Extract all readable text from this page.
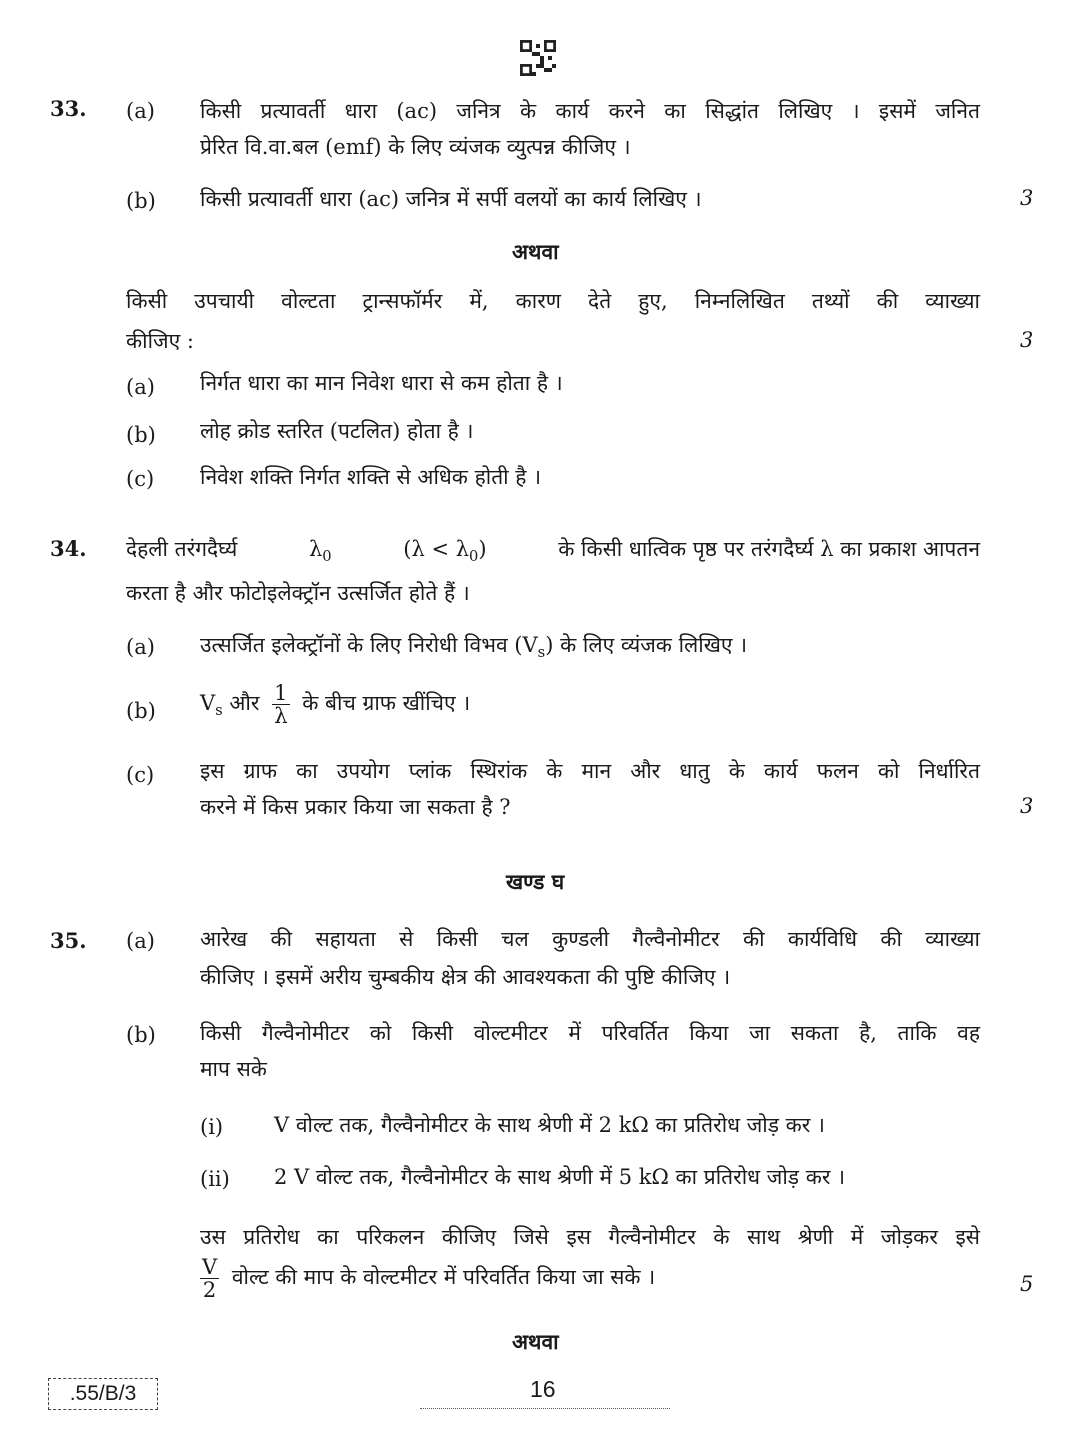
33. (a) किसी प्रत्यावर्ती धारा (ac) जनित्र के कार्य करने का सिद्धांत लिखिए । इसमें जनित
प्रेरित वि.वा.बल (emf) के लिए व्यंजक व्युत्पन्न कीजिए ।
(b) किसी प्रत्यावर्ती धारा (ac) जनित्र में सर्पी वलयों का कार्य लिखिए ।	3
अथवा
किसी उपचायी वोल्टता ट्रान्सफॉर्मर में, कारण देते हुए, निम्नलिखित तथ्यों की व्याख्या
कीजिए :	3
(a) निर्गत धारा का मान निवेश धारा से कम होता है ।
(b) लोह क्रोड स्तरित (पटलित) होता है ।
(c) निवेश शक्ति निर्गत शक्ति से अधिक होती है ।
34. देहली तरंगदैर्घ्य	$\lambda_0$	$(\lambda < \lambda_0)$	के किसी धात्विक पृष्ठ पर तरंगदैर्घ्य λ का प्रकाश आपतन
करता है और फोटोइलेक्ट्रॉन उत्सर्जित होते हैं ।
(a) उत्सर्जित इलेक्ट्रॉनों के लिए निरोधी विभव $(V_s)$ के लिए व्यंजक लिखिए ।
(b) $V_s$ और $\frac{1}{\lambda}$ के बीच ग्राफ खींचिए ।
(c) इस ग्राफ का उपयोग प्लांक स्थिरांक के मान और धातु के कार्य फलन को निर्धारित
करने में किस प्रकार किया जा सकता है ?	3
खण्ड घ
35. (a) आरेख की सहायता से किसी चल कुण्डली गैल्वैनोमीटर की कार्यविधि की व्याख्या
कीजिए । इसमें अरीय चुम्बकीय क्षेत्र की आवश्यकता की पुष्टि कीजिए ।
(b) किसी गैल्वैनोमीटर को किसी वोल्टमीटर में परिवर्तित किया जा सकता है, ताकि वह
माप सके
(i) V वोल्ट तक, गैल्वैनोमीटर के साथ श्रेणी में 2 kΩ का प्रतिरोध जोड़ कर ।
(ii) 2 V वोल्ट तक, गैल्वैनोमीटर के साथ श्रेणी में 5 kΩ का प्रतिरोध जोड़ कर ।
उस प्रतिरोध का परिकलन कीजिए जिसे इस गैल्वैनोमीटर के साथ श्रेणी में जोड़कर इसे
$\frac{V}{2}$ वोल्ट की माप के वोल्टमीटर में परिवर्तित किया जा सके ।	5
अथवा
.55/B/3	16
